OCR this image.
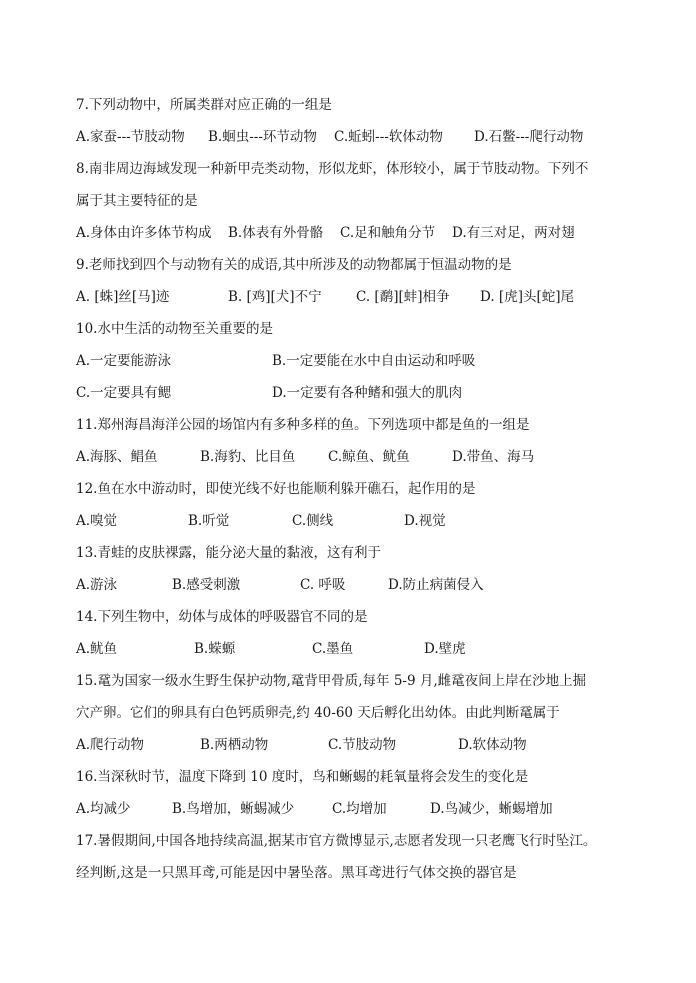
7.下列动物中，所属类群对应正确的一组是
A.家蚕---节肢动物 B.蛔虫---环节动物 C.蚯蚓---软体动物 D.石鳖---爬行动物
8.南非周边海域发现一种新甲壳类动物，形似龙虾，体形较小，属于节肢动物。下列不
属于其主要特征的是
A.身体由许多体节构成 B.体表有外骨骼 C.足和触角分节 D.有三对足，两对翅
9.老师找到四个与动物有关的成语,其中所涉及的动物都属于恒温动物的是
A. [蛛]丝[马]迹	B. [鸡][犬]不宁	C. [鹬][蚌]相争 D. [虎]头[蛇]尾
10.水中生活的动物至关重要的是
A.一定要能游泳	B.一定要能在水中自由运动和呼吸
C.一定要具有鳃	D.一定要有各种鳍和强大的肌肉
11.郑州海昌海洋公园的场馆内有多种多样的鱼。下列选项中都是鱼的一组是
A.海豚、鲳鱼	B.海豹、比目鱼 C.鲸鱼、鱿鱼	D.带鱼、海马
12.鱼在水中游动时，即使光线不好也能顺利躲开礁石，起作用的是
A.嗅觉	B.听觉	C.侧线	D.视觉
13.青蛙的皮肤裸露，能分泌大量的黏液，这有利于
A.游泳	B.感受刺激	C. 呼吸	D.防止病菌侵入
14.下列生物中，幼体与成体的呼吸器官不同的是
A.鱿鱼	B.蝾螈	C.墨鱼	D.壁虎
15.鼋为国家一级水生野生保护动物,鼋背甲骨质,每年 5-9 月,雌鼋夜间上岸在沙地上掘
穴产卵。它们的卵具有白色钙质卵壳,约 40-60 天后孵化出幼体。由此判断鼋属于
A.爬行动物	B.两栖动物	C.节肢动物	D.软体动物
16.当深秋时节，温度下降到 10 度时，鸟和蜥蜴的耗氧量将会发生的变化是
A.均减少	B.鸟增加，蜥蜴减少	C.均增加	D.鸟减少，蜥蜴增加
17.暑假期间,中国各地持续高温,据某市官方微博显示,志愿者发现一只老鹰飞行时坠江。
经判断,这是一只黑耳鸢,可能是因中暑坠落。黑耳鸢进行气体交换的器官是
